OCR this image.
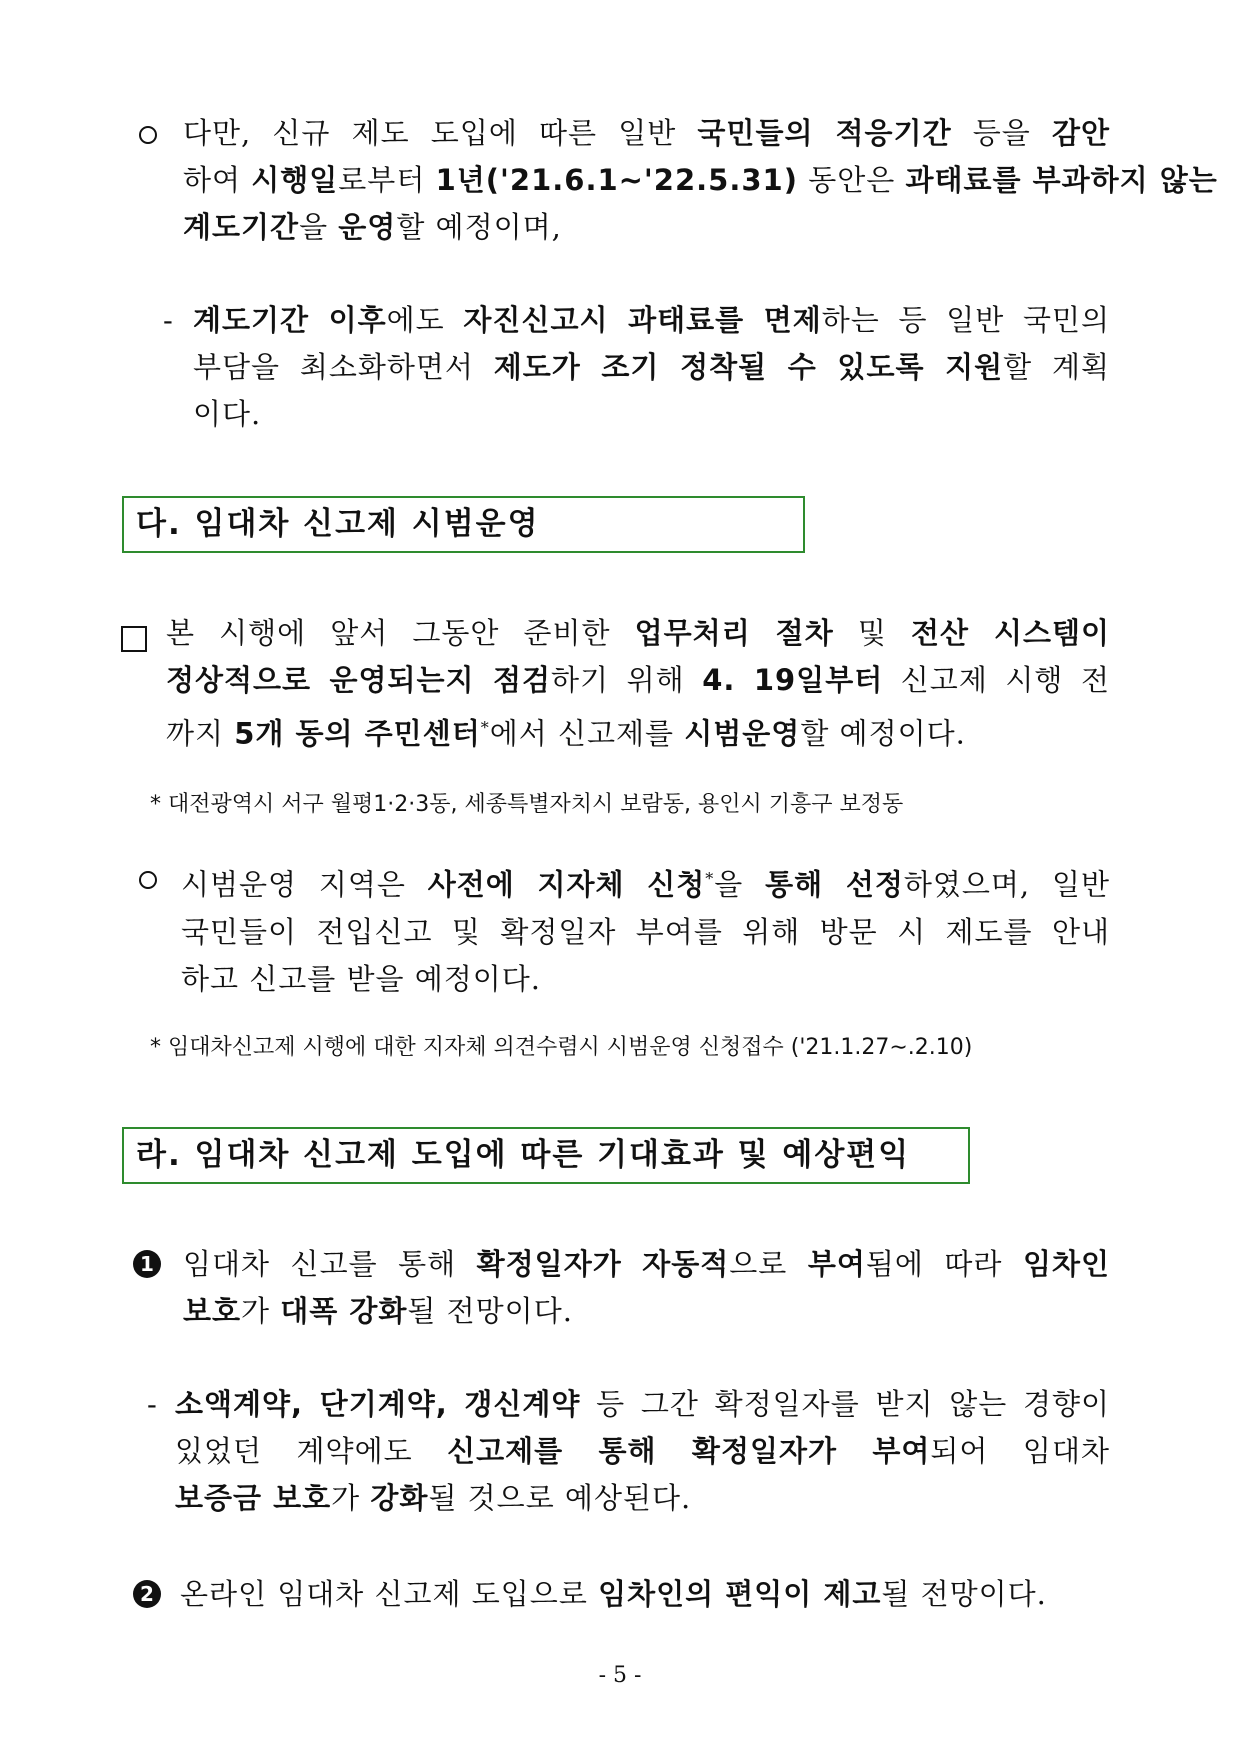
다만, 신규 제도 도입에 따른 일반 국민들의 적응기간 등을 감안
하여 시행일로부터 1년('21.6.1~'22.5.31) 동안은 과태료를 부과하지 않는
계도기간을 운영할 예정이며,
- 계도기간 이후에도 자진신고시 과태료를 면제하는 등 일반 국민의
부담을 최소화하면서 제도가 조기 정착될 수 있도록 지원할 계획
이다.
다. 임대차 신고제 시범운영
본 시행에 앞서 그동안 준비한 업무처리 절차 및 전산 시스템이
정상적으로 운영되는지 점검하기 위해 4. 19일부터 신고제 시행 전
까지 5개 동의 주민센터*에서 신고제를 시범운영할 예정이다.
* 대전광역시 서구 월평1·2·3동, 세종특별자치시 보람동, 용인시 기흥구 보정동
시범운영 지역은 사전에 지자체 신청*을 통해 선정하였으며, 일반
국민들이 전입신고 및 확정일자 부여를 위해 방문 시 제도를 안내
하고 신고를 받을 예정이다.
* 임대차신고제 시행에 대한 지자체 의견수렴시 시범운영 신청접수 ('21.1.27∼.2.10)
라. 임대차 신고제 도입에 따른 기대효과 및 예상편익
1 임대차 신고를 통해 확정일자가 자동적으로 부여됨에 따라 임차인
보호가 대폭 강화될 전망이다.
- 소액계약, 단기계약, 갱신계약 등 그간 확정일자를 받지 않는 경향이
있었던 계약에도 신고제를 통해 확정일자가 부여되어 임대차
보증금 보호가 강화될 것으로 예상된다.
2 온라인 임대차 신고제 도입으로 임차인의 편익이 제고될 전망이다.
- 5 -
